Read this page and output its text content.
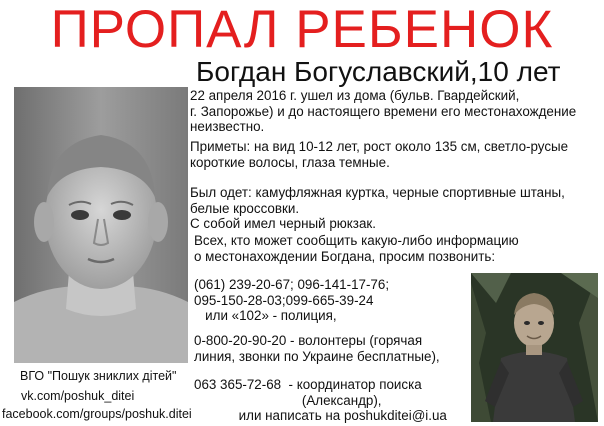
ПРОПАЛ РЕБЕНОК
Богдан Богуславский,10 лет
22 апреля 2016 г. ушел из дома (бульв. Гвардейский,
г. Запорожье) и до настоящего времени его местонахождение
неизвестно.
Приметы: на вид 10-12 лет, рост около 135 см, светло-русые
короткие волосы, глаза темные.
Был одет: камуфляжная куртка, черные спортивные штаны,
белые кроссовки.
С собой имел черный рюкзак.
Всех, кто может сообщить какую-либо информацию
о местонахождении Богдана, просим позвонить:
(061) 239-20-67; 096-141-17-76;
095-150-28-03;099-665-39-24
или «102» - полиция,
0-800-20-90-20 - волонтеры (горячая
линия, звонки по Украине бесплатные),
063 365-72-68  - координатор поиска
(Александр),
или написать на poshukditei@i.ua
ВГО "Пошук зниклих дітей"
vk.com/poshuk_ditei
facebook.com/groups/poshuk.ditei
